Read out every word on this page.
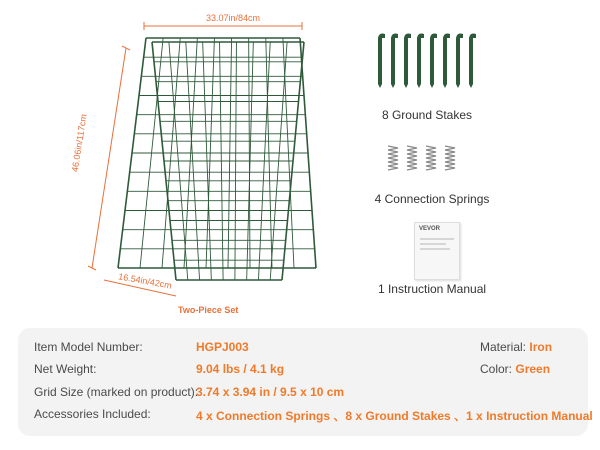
33.07in/84cm
46.06in/117cm
16.54in/42cm
Two-Piece Set
8 Ground Stakes
4 Connection Springs
VEVOR
1 Instruction Manual
Item Model Number:	HGPJ003
Net Weight:	9.04 lbs / 4.1 kg
Grid Size (marked on product):
3.74 x 3.94 in / 9.5 x 10 cm
Accessories Included:	4 x Connection Springs 、8 x Ground Stakes 、1 x Instruction Manual
Material: Iron
Color: Green
